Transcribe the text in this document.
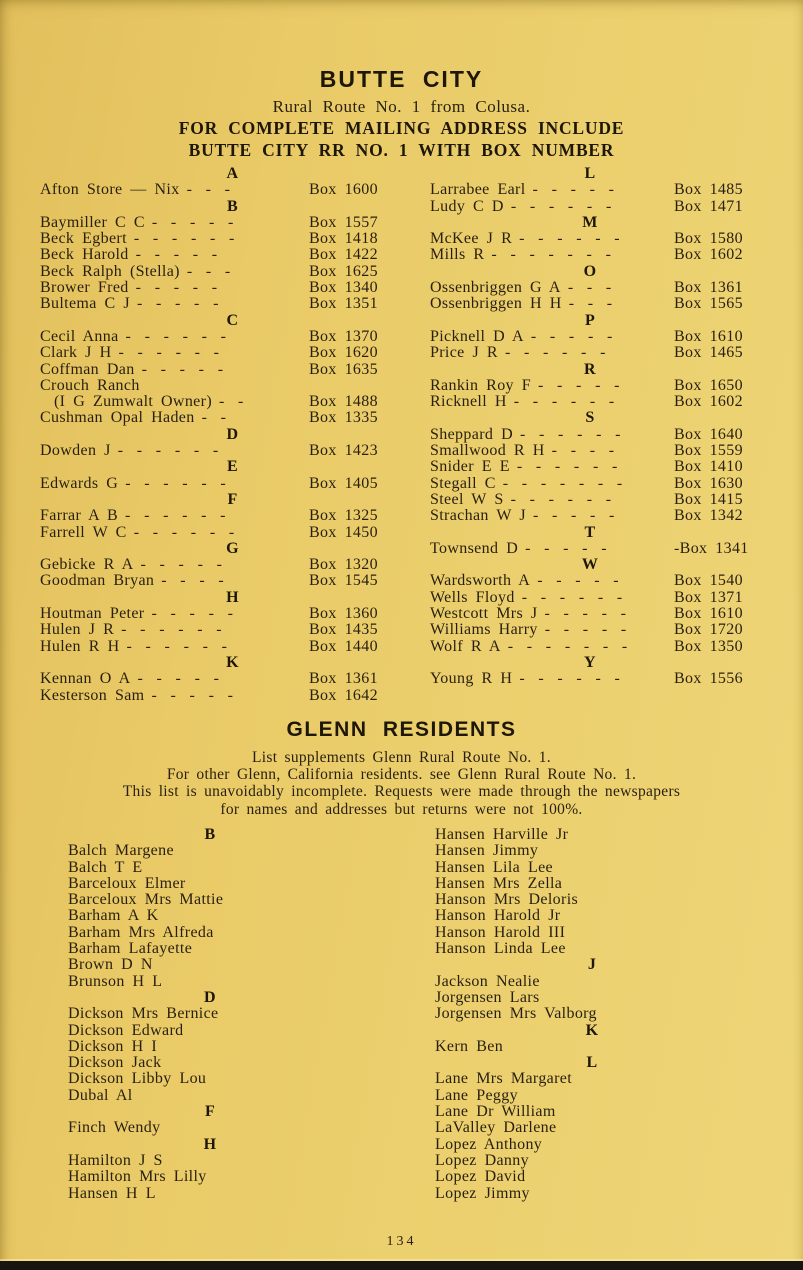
BUTTE CITY
Rural Route No. 1 from Colusa.
FOR COMPLETE MAILING ADDRESS INCLUDE
BUTTE CITY RR NO. 1 WITH BOX NUMBER
A
Afton Store — Nix - - -	Box 1600
B
Baymiller C C - - - - -	Box 1557
Beck Egbert - - - - - -	Box 1418
Beck Harold - - - - -	Box 1422
Beck Ralph (Stella) - - -	Box 1625
Brower Fred - - - - -	Box 1340
Bultema C J - - - - -	Box 1351
C
Cecil Anna - - - - - -	Box 1370
Clark J H - - - - - -	Box 1620
Coffman Dan - - - - -	Box 1635
Crouch Ranch
(I G Zumwalt Owner) - -	Box 1488
Cushman Opal Haden - -	Box 1335
D
Dowden J - - - - - -	Box 1423
E
Edwards G - - - - - -	Box 1405
F
Farrar A B - - - - - -	Box 1325
Farrell W C - - - - - -	Box 1450
G
Gebicke R A - - - - -	Box 1320
Goodman Bryan - - - -	Box 1545
H
Houtman Peter - - - - -	Box 1360
Hulen J R - - - - - -	Box 1435
Hulen R H - - - - - -	Box 1440
K
Kennan O A - - - - -	Box 1361
Kesterson Sam - - - - -	Box 1642
L
Larrabee Earl - - - - -	Box 1485
Ludy C D - - - - - -	Box 1471
M
McKee J R - - - - - -	Box 1580
Mills R - - - - - - -	Box 1602
O
Ossenbriggen G A - - -	Box 1361
Ossenbriggen H H - - -	Box 1565
P
Picknell D A - - - - -	Box 1610
Price J R - - - - - -	Box 1465
R
Rankin Roy F - - - - -	Box 1650
Ricknell H - - - - - -	Box 1602
S
Sheppard D - - - - - -	Box 1640
Smallwood R H - - - -	Box 1559
Snider E E - - - - - -	Box 1410
Stegall C - - - - - - -	Box 1630
Steel W S - - - - - -	Box 1415
Strachan W J - - - - -	Box 1342
T
Townsend D - - - - -	-Box 1341
W
Wardsworth A - - - - -	Box 1540
Wells Floyd - - - - - -	Box 1371
Westcott Mrs J - - - - -	Box 1610
Williams Harry - - - - -	Box 1720
Wolf R A - - - - - - -	Box 1350
Y
Young R H - - - - - -	Box 1556
GLENN RESIDENTS
List supplements Glenn Rural Route No. 1.
For other Glenn, California residents. see Glenn Rural Route No. 1.
This list is unavoidably incomplete. Requests were made through the newspapers
for names and addresses but returns were not 100%.
B
Balch Margene
Balch T E
Barceloux Elmer
Barceloux Mrs Mattie
Barham A K
Barham Mrs Alfreda
Barham Lafayette
Brown D N
Brunson H L
D
Dickson Mrs Bernice
Dickson Edward
Dickson H I
Dickson Jack
Dickson Libby Lou
Dubal Al
F
Finch Wendy
H
Hamilton J S
Hamilton Mrs Lilly
Hansen H L
Hansen Harville Jr
Hansen Jimmy
Hansen Lila Lee
Hansen Mrs Zella
Hanson Mrs Deloris
Hanson Harold Jr
Hanson Harold III
Hanson Linda Lee
J
Jackson Nealie
Jorgensen Lars
Jorgensen Mrs Valborg
K
Kern Ben
L
Lane Mrs Margaret
Lane Peggy
Lane Dr William
LaValley Darlene
Lopez Anthony
Lopez Danny
Lopez David
Lopez Jimmy
134
